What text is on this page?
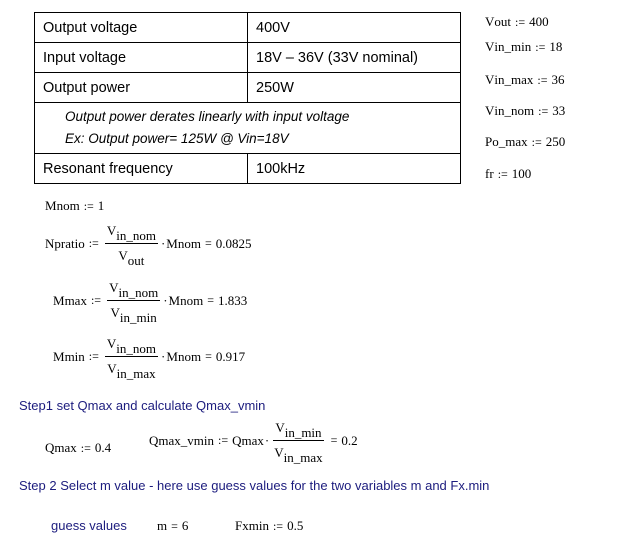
Output voltage	400V
Input voltage	18V – 36V (33V nominal)
Output power	250W

Output power derates linearly with input voltage
Ex: Output power= 125W @ Vin=18V	

Resonant frequency	100kHz
V out := 400
V in_min := 18
V in_max := 36
V in_nom := 33
P o_max := 250
f r := 100
M nom := 1
Np ratio := $\frac{V_{in\_nom}}{V_{out}} \cdot M$ nom = 0.0825
M max := $\frac{V_{in\_nom}}{V_{in\_min}} \cdot M$ nom = 1.833
M min := $\frac{V_{in\_nom}}{V_{in\_max}} \cdot M$ nom = 0.917
Step1 set Qmax and calculate Qmax_vmin
Q max := 0.4	Q max_vmin := Q $\max \cdot \frac{V_{in\_min}}{V_{in\_max}} = 0.2$
Step 2 Select m value - here use guess values for the two variables m and Fx.min
guess values m = 6	Fx min := 0.5
